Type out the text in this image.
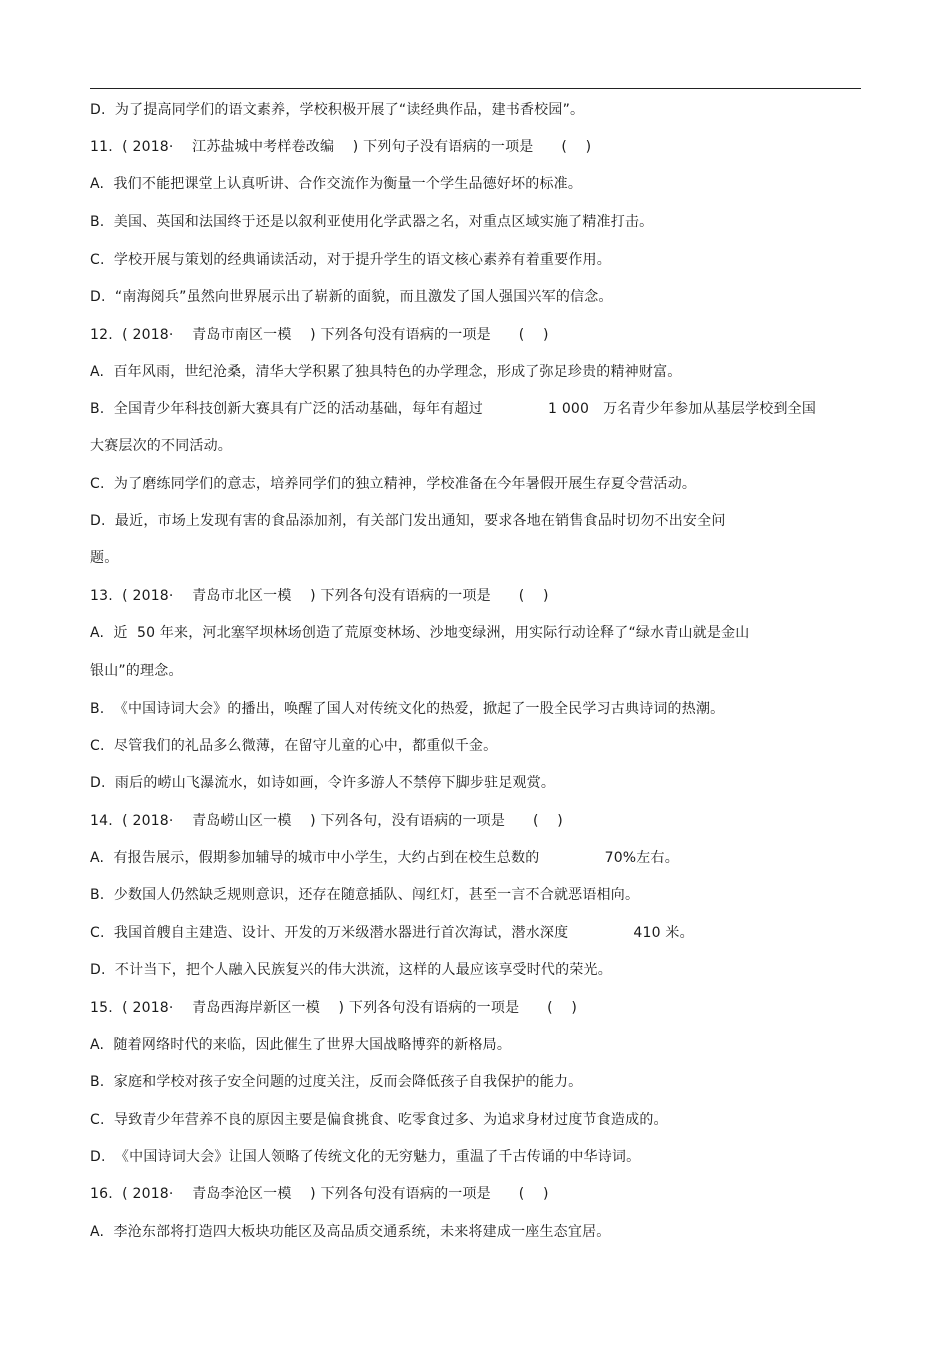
D.  为了提高同学们的语文素养，学校积极开展了“读经典作品，建书香校园”。
11.  ( 2018·    江苏盐城中考样卷改编    ) 下列句子没有语病的一项是      (    )
A.  我们不能把课堂上认真听讲、合作交流作为衡量一个学生品德好坏的标准。
B.  美国、英国和法国终于还是以叙利亚使用化学武器之名，对重点区域实施了精准打击。
C.  学校开展与策划的经典诵读活动，对于提升学生的语文核心素养有着重要作用。
D.  “南海阅兵”虽然向世界展示出了崭新的面貌，而且激发了国人强国兴军的信念。
12.  ( 2018·    青岛市南区一模    ) 下列各句没有语病的一项是      (    )
A.  百年风雨，世纪沧桑，清华大学积累了独具特色的办学理念，形成了弥足珍贵的精神财富。
B.  全国青少年科技创新大赛具有广泛的活动基础，每年有超过              1 000   万名青少年参加从基层学校到全国
大赛层次的不同活动。
C.  为了磨练同学们的意志，培养同学们的独立精神，学校准备在今年暑假开展生存夏令营活动。
D.  最近，市场上发现有害的食品添加剂，有关部门发出通知，要求各地在销售食品时切勿不出安全问
题。
13.  ( 2018·    青岛市北区一模    ) 下列各句没有语病的一项是      (    )
A.  近  50 年来，河北塞罕坝林场创造了荒原变林场、沙地变绿洲，用实际行动诠释了“绿水青山就是金山
银山”的理念。
B.  《中国诗词大会》的播出，唤醒了国人对传统文化的热爱，掀起了一股全民学习古典诗词的热潮。
C.  尽管我们的礼品多么微薄，在留守儿童的心中，都重似千金。
D.  雨后的崂山飞瀑流水，如诗如画，令许多游人不禁停下脚步驻足观赏。
14.  ( 2018·    青岛崂山区一模    ) 下列各句，没有语病的一项是      (    )
A.  有报告展示，假期参加辅导的城市中小学生，大约占到在校生总数的              70%左右。
B.  少数国人仍然缺乏规则意识，还存在随意插队、闯红灯，甚至一言不合就恶语相向。
C.  我国首艘自主建造、设计、开发的万米级潜水器进行首次海试，潜水深度              410 米。
D.  不计当下，把个人融入民族复兴的伟大洪流，这样的人最应该享受时代的荣光。
15.  ( 2018·    青岛西海岸新区一模    ) 下列各句没有语病的一项是      (    )
A.  随着网络时代的来临，因此催生了世界大国战略博弈的新格局。
B.  家庭和学校对孩子安全问题的过度关注，反而会降低孩子自我保护的能力。
C.  导致青少年营养不良的原因主要是偏食挑食、吃零食过多、为追求身材过度节食造成的。
D.  《中国诗词大会》让国人领略了传统文化的无穷魅力，重温了千古传诵的中华诗词。
16.  ( 2018·    青岛李沧区一模    ) 下列各句没有语病的一项是      (    )
A.  李沧东部将打造四大板块功能区及高品质交通系统，未来将建成一座生态宜居。
